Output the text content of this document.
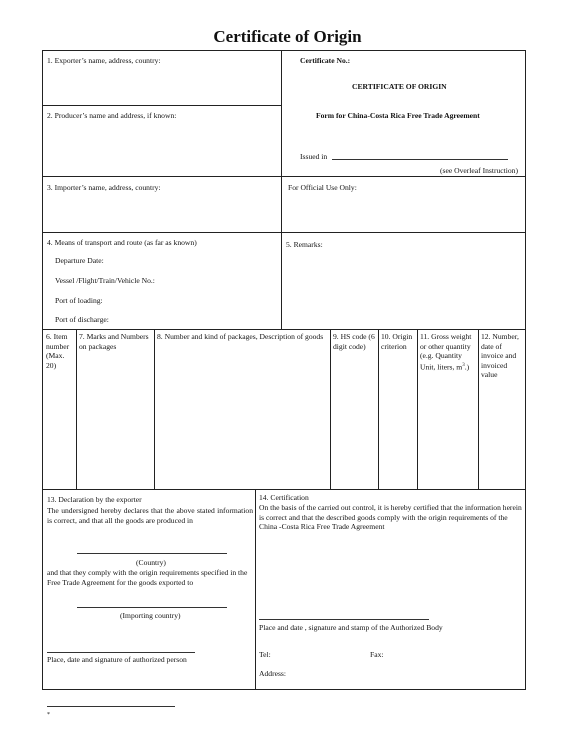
Certificate of Origin
1. Exporter’s name, address, country:
2. Producer’s name and address, if known:
3. Importer’s name, address, country:
Certificate No.:
CERTIFICATE OF ORIGIN
Form for China-Costa Rica Free Trade Agreement
Issued in
(see Overleaf Instruction)
For Official Use Only:
4. Means of transport and route (as far as known)
Departure Date:
Vessel /Flight/Train/Vehicle No.:
Port of loading:
Port of discharge:
5. Remarks:
6. Item number (Max. 20)
7. Marks and Numbers on packages
8. Number and kind of packages, Description of goods	9. HS code (6 digit code)
10. Origin criterion
11. Gross weight or other quantity (e.g. Quantity Unit, liters, $m^3$.)
12. Number, date of invoice and invoiced value
13. Declaration by the exporter
The undersigned hereby declares that the above stated information is correct, and that all the goods are produced in
(Country)
and that they comply with the origin requirements specified in the Free Trade Agreement for the goods exported to
(Importing country)
Place, date and signature of authorized person
14. Certification
On the basis of the carried out control, it is hereby certified that the information herein is correct and that the described goods comply with the origin requirements of the China -Costa Rica Free Trade Agreement
Place and date , signature and stamp of the Authorized Body
Tel:	Fax:
Address:
*
